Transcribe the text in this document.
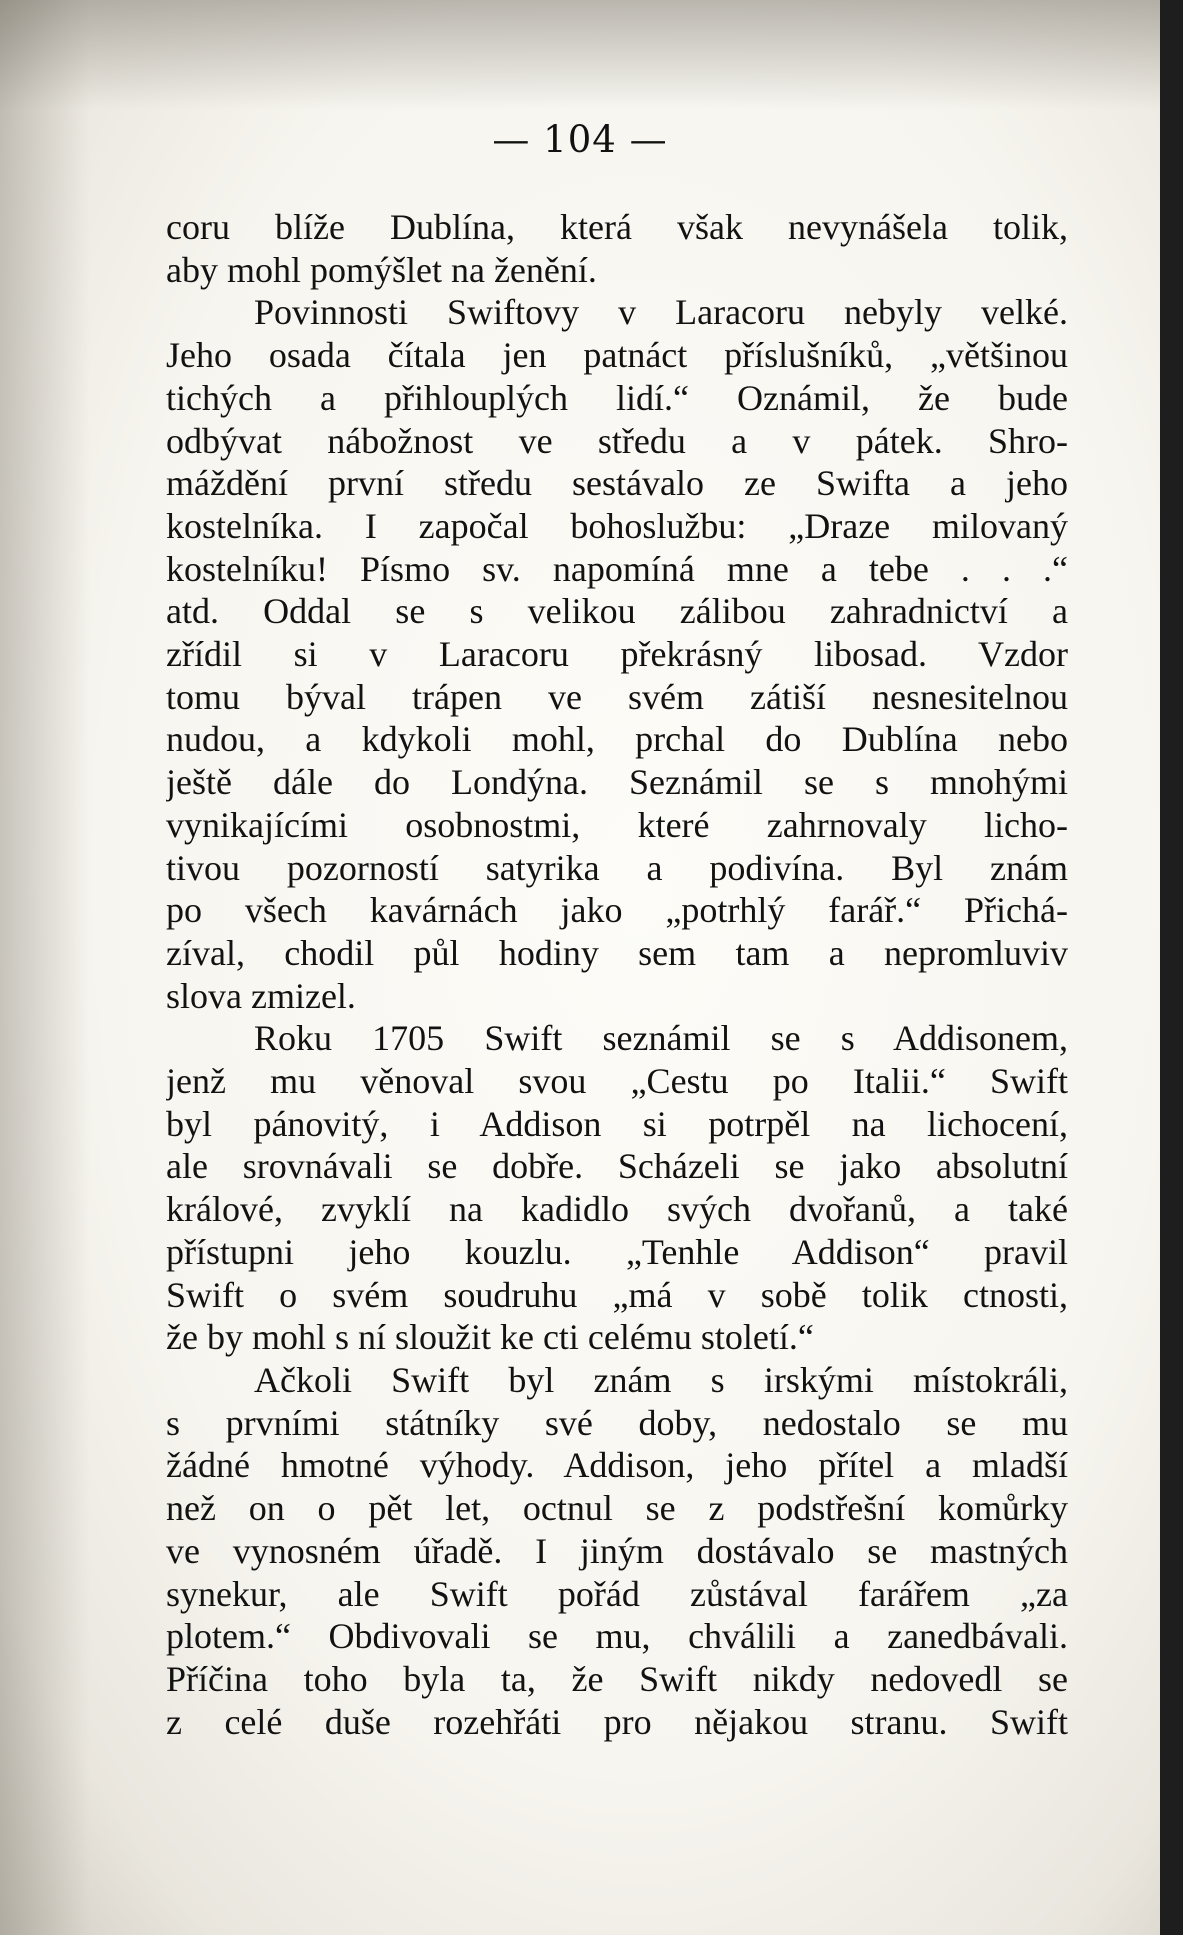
— 104 —
coru blíže Dublína, která však nevynášela tolik,
aby mohl pomýšlet na ženění.
Povinnosti Swiftovy v Laracoru nebyly velké.
Jeho osada čítala jen patnáct příslušníků, „většinou
tichých a přihlouplých lidí.“ Oznámil, že bude
odbývat nábožnost ve středu a v pátek. Shro-
máždění první středu sestávalo ze Swifta a jeho
kostelníka. I započal bohoslužbu: „Draze milovaný
kostelníku! Písmo sv. napomíná mne a tebe . . .“
atd. Oddal se s velikou zálibou zahradnictví a
zřídil si v Laracoru překrásný libosad. Vzdor
tomu býval trápen ve svém zátiší nesnesitelnou
nudou, a kdykoli mohl, prchal do Dublína nebo
ještě dále do Londýna. Seznámil se s mnohými
vynikajícími osobnostmi, které zahrnovaly licho-
tivou pozorností satyrika a podivína. Byl znám
po všech kavárnách jako „potrhlý farář.“ Přichá-
zíval, chodil půl hodiny sem tam a nepromluviv
slova zmizel.
Roku 1705 Swift seznámil se s Addisonem,
jenž mu věnoval svou „Cestu po Italii.“ Swift
byl pánovitý, i Addison si potrpěl na lichocení,
ale srovnávali se dobře. Scházeli se jako absolutní
králové, zvyklí na kadidlo svých dvořanů, a také
přístupni jeho kouzlu. „Tenhle Addison“ pravil
Swift o svém soudruhu „má v sobě tolik ctnosti,
že by mohl s ní sloužit ke cti celému století.“
Ačkoli Swift byl znám s irskými místokráli,
s prvními státníky své doby, nedostalo se mu
žádné hmotné výhody. Addison, jeho přítel a mladší
než on o pět let, octnul se z podstřešní komůrky
ve vynosném úřadě. I jiným dostávalo se mastných
synekur, ale Swift pořád zůstával farářem „za
plotem.“ Obdivovali se mu, chválili a zanedbávali.
Příčina toho byla ta, že Swift nikdy nedovedl se
z celé duše rozehřáti pro nějakou stranu. Swift
